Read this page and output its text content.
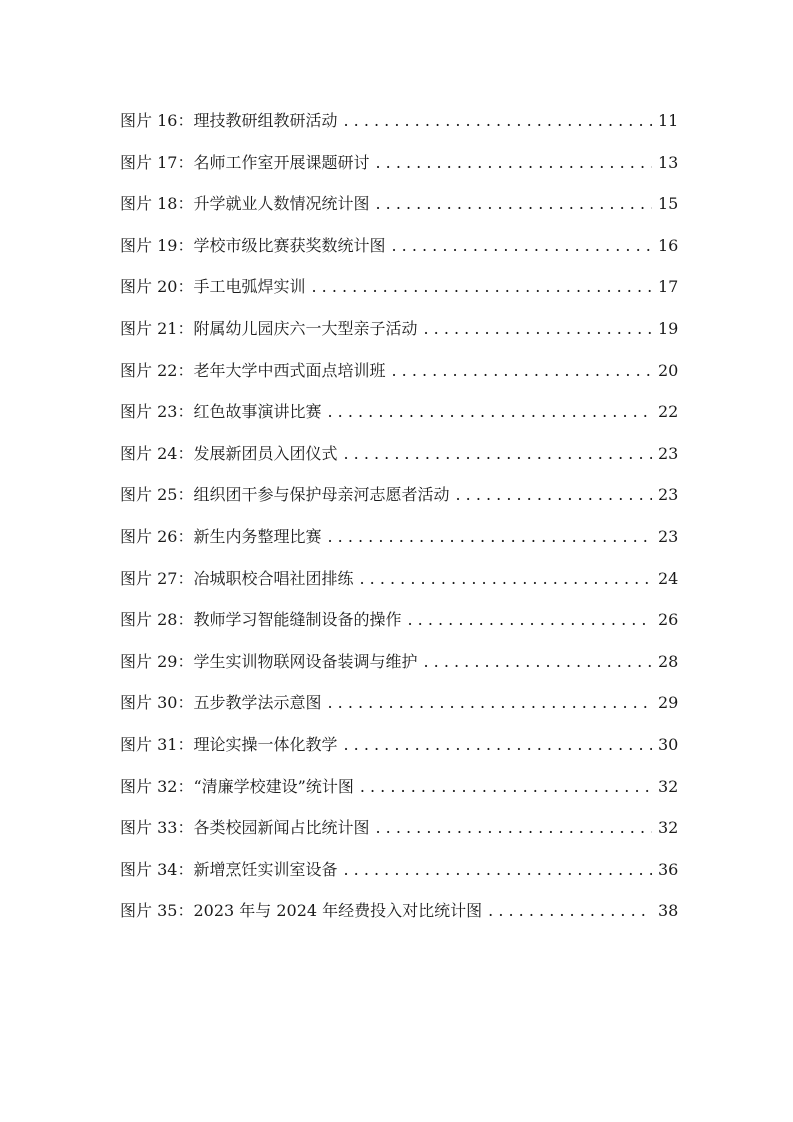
图片 16： 理技教研组教研活动 . . .	11
图片 17： 名师工作室开展课题研讨 . . .	13
图片 18： 升学就业人数情况统计图 . . .	15
图片 19： 学校市级比赛获奖数统计图 . . .	16
图片 20： 手工电弧焊实训 . . .	17
图片 21： 附属幼儿园庆六一大型亲子活动 . . .	19
图片 22： 老年大学中西式面点培训班 . . .	20
图片 23： 红色故事演讲比赛 . . .	22
图片 24： 发展新团员入团仪式 . . .	23
图片 25： 组织团干参与保护母亲河志愿者活动 . . .	23
图片 26： 新生内务整理比赛 . . .	23
图片 27： 冶城职校合唱社团排练 . . .	24
图片 28： 教师学习智能缝制设备的操作 . . .	26
图片 29： 学生实训物联网设备装调与维护 . . .	28
图片 30： 五步教学法示意图 . . .	29
图片 31： 理论实操一体化教学 . . .	30
图片 32： “清廉学校建设”统计图 . . .	32
图片 33： 各类校园新闻占比统计图 . . .	32
图片 34： 新增烹饪实训室设备 . . .	36
图片 35： 2023 年与 2024 年经费投入对比统计图 . . .	38
